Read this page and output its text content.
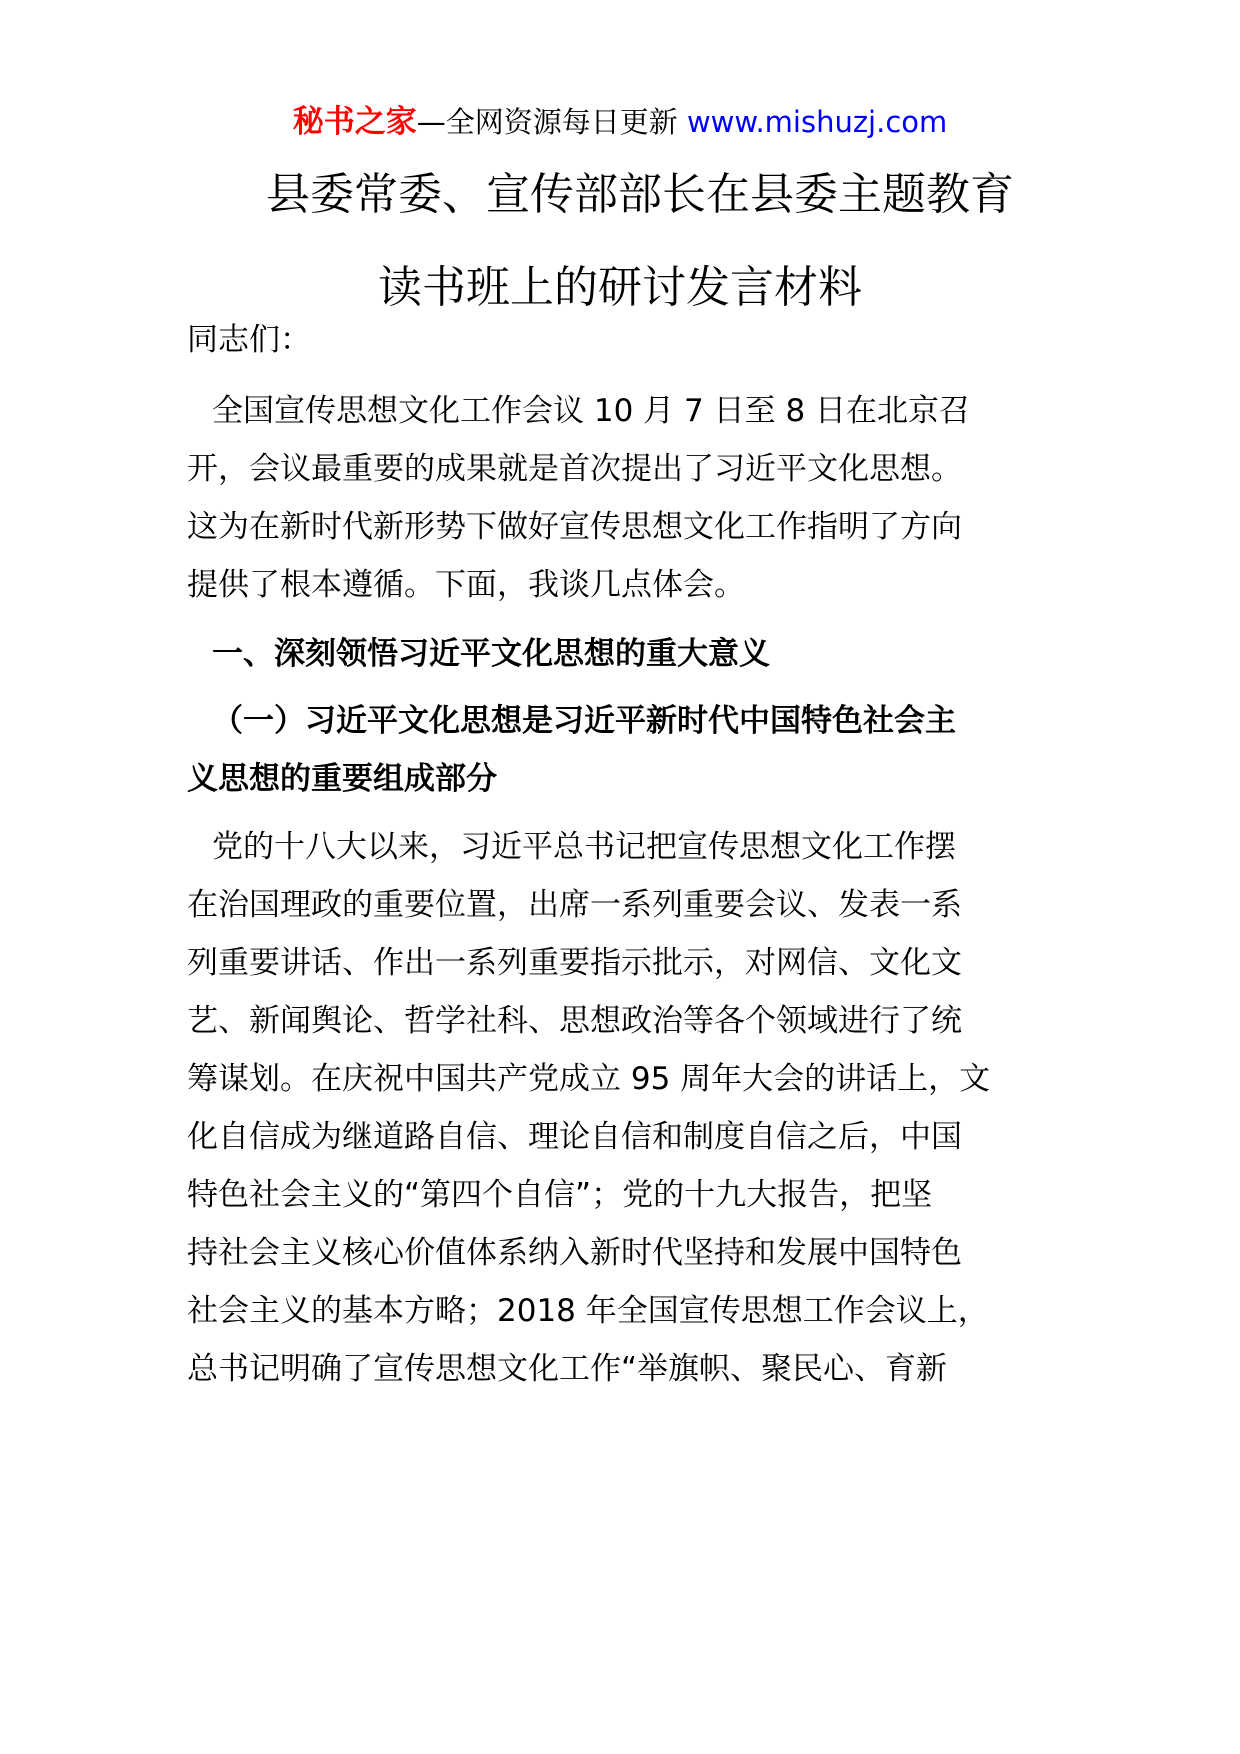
秘书之家—全网资源每日更新 www.mishuzj.com
县委常委、宣传部部长在县委主题教育
读书班上的研讨发言材料
同志们：
全国宣传思想文化工作会议 10 月 7 日至 8 日在北京召
开，会议最重要的成果就是首次提出了习近平文化思想。
这为在新时代新形势下做好宣传思想文化工作指明了方向
提供了根本遵循。下面，我谈几点体会。
一、深刻领悟习近平文化思想的重大意义
（一）习近平文化思想是习近平新时代中国特色社会主
义思想的重要组成部分
党的十八大以来，习近平总书记把宣传思想文化工作摆
在治国理政的重要位置，出席一系列重要会议、发表一系
列重要讲话、作出一系列重要指示批示，对网信、文化文
艺、新闻舆论、哲学社科、思想政治等各个领域进行了统
筹谋划。在庆祝中国共产党成立 95 周年大会的讲话上，文
化自信成为继道路自信、理论自信和制度自信之后，中国
特色社会主义的“第四个自信”；党的十九大报告，把坚
持社会主义核心价值体系纳入新时代坚持和发展中国特色
社会主义的基本方略；2018 年全国宣传思想工作会议上，
总书记明确了宣传思想文化工作“举旗帜、聚民心、育新
